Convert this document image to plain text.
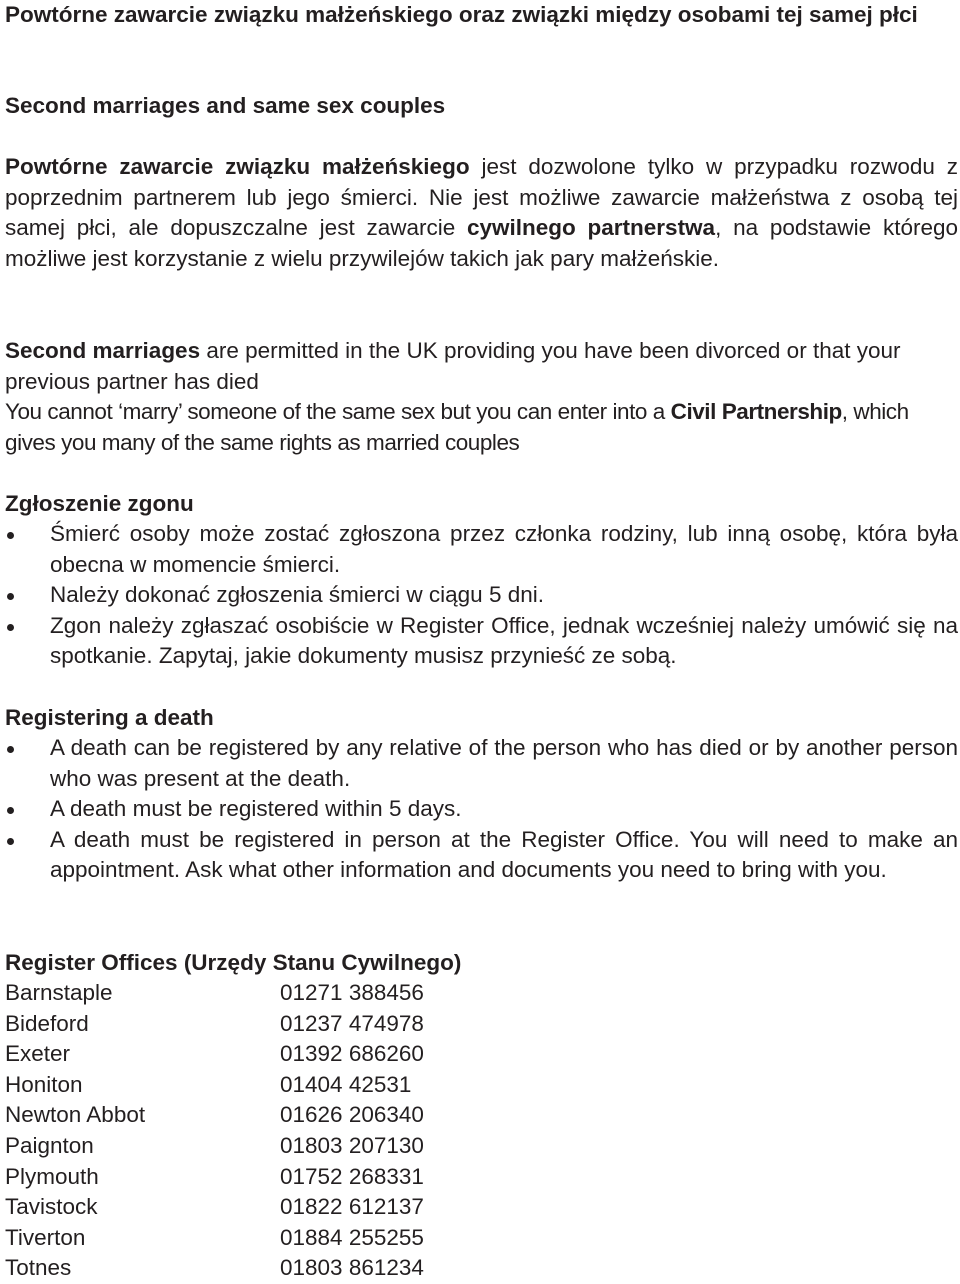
Powtórne zawarcie związku małżeńskiego oraz związki między osobami tej samej płci
Second marriages and same sex couples

Powtórne zawarcie związku małżeńskiego jest dozwolone tylko w przypadku rozwodu z poprzednim partnerem lub jego śmierci. Nie jest możliwe zawarcie małżeństwa z osobą tej samej płci, ale dopuszczalne jest zawarcie cywilnego partnerstwa, na podstawie którego możliwe jest korzystanie z wielu przywilejów takich jak pary małżeńskie.

Second marriages are permitted in the UK providing you have been divorced or that your previous partner has died

You cannot ‘marry’ someone of the same sex but you can enter into a Civil Partnership, which gives you many of the same rights as married couples

Zgłoszenie zgonu
Śmierć osoby może zostać zgłoszona przez członka rodziny, lub inną osobę, która była obecna w momencie śmierci.
Należy dokonać zgłoszenia śmierci w ciągu 5 dni.
Zgon należy zgłaszać osobiście w Register Office, jednak wcześniej należy umówić się na spotkanie. Zapytaj, jakie dokumenty musisz przynieść ze sobą.
Registering a death
A death can be registered by any relative of the person who has died or by another person who was present at the death.
A death must be registered within 5 days.
A death must be registered in person at the Register Office. You will need to make an appointment. Ask what other information and documents you need to bring with you.
Register Offices (Urzędy Stanu Cywilnego)
Barnstaple	01271 388456
Bideford	01237 474978
Exeter	01392 686260
Honiton	01404 42531
Newton Abbot	01626 206340
Paignton	01803 207130
Plymouth	01752 268331
Tavistock	01822 612137
Tiverton	01884 255255
Totnes	01803 861234
